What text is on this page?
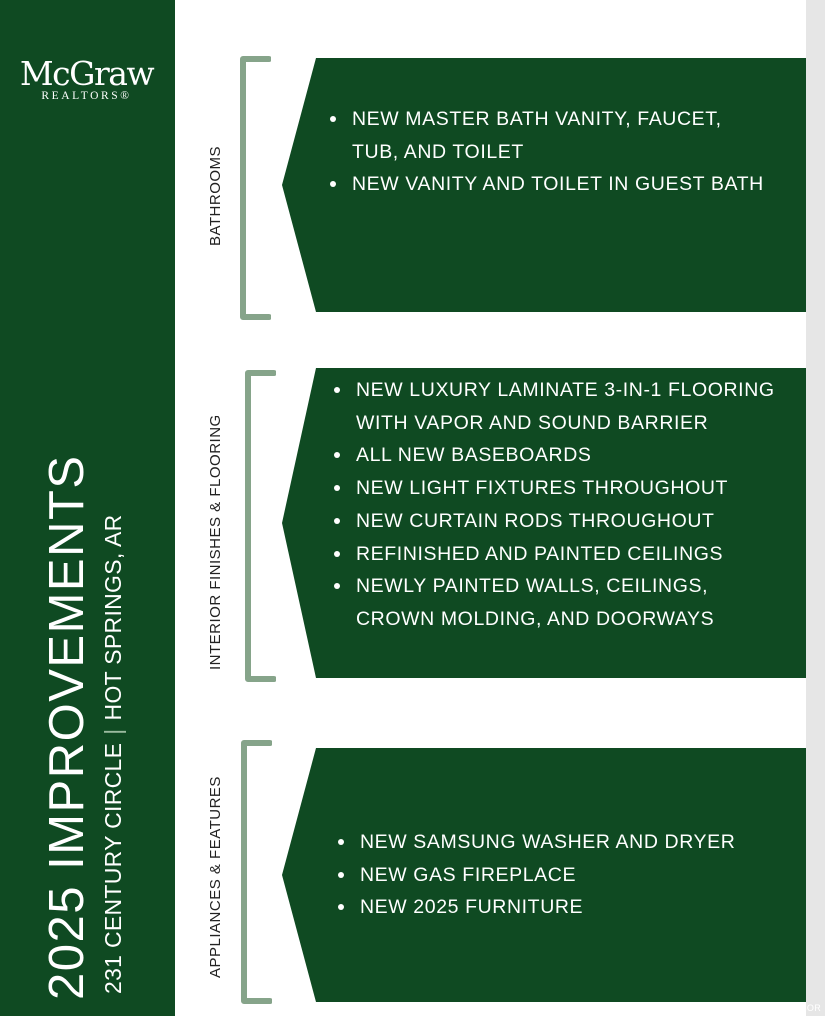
McGraw
REALTORS®
2025 IMPROVEMENTS 231 CENTURY CIRCLE|HOT SPRINGS, AR
BATHROOMS
NEW MASTER BATH VANITY, FAUCET, TUB, AND TOILET
NEW VANITY AND TOILET IN GUEST BATH
INTERIOR FINISHES & FLOORING
NEW LUXURY LAMINATE 3-IN-1 FLOORING WITH VAPOR AND SOUND BARRIER
ALL NEW BASEBOARDS
NEW LIGHT FIXTURES THROUGHOUT
NEW CURTAIN RODS THROUGHOUT
REFINISHED AND PAINTED CEILINGS
NEWLY PAINTED WALLS, CEILINGS, CROWN MOLDING, AND DOORWAYS
APPLIANCES & FEATURES	NEW SAMSUNG WASHER AND DRYER
NEW GAS FIREPLACE
NEW 2025 FURNITURE
©HSBOR
